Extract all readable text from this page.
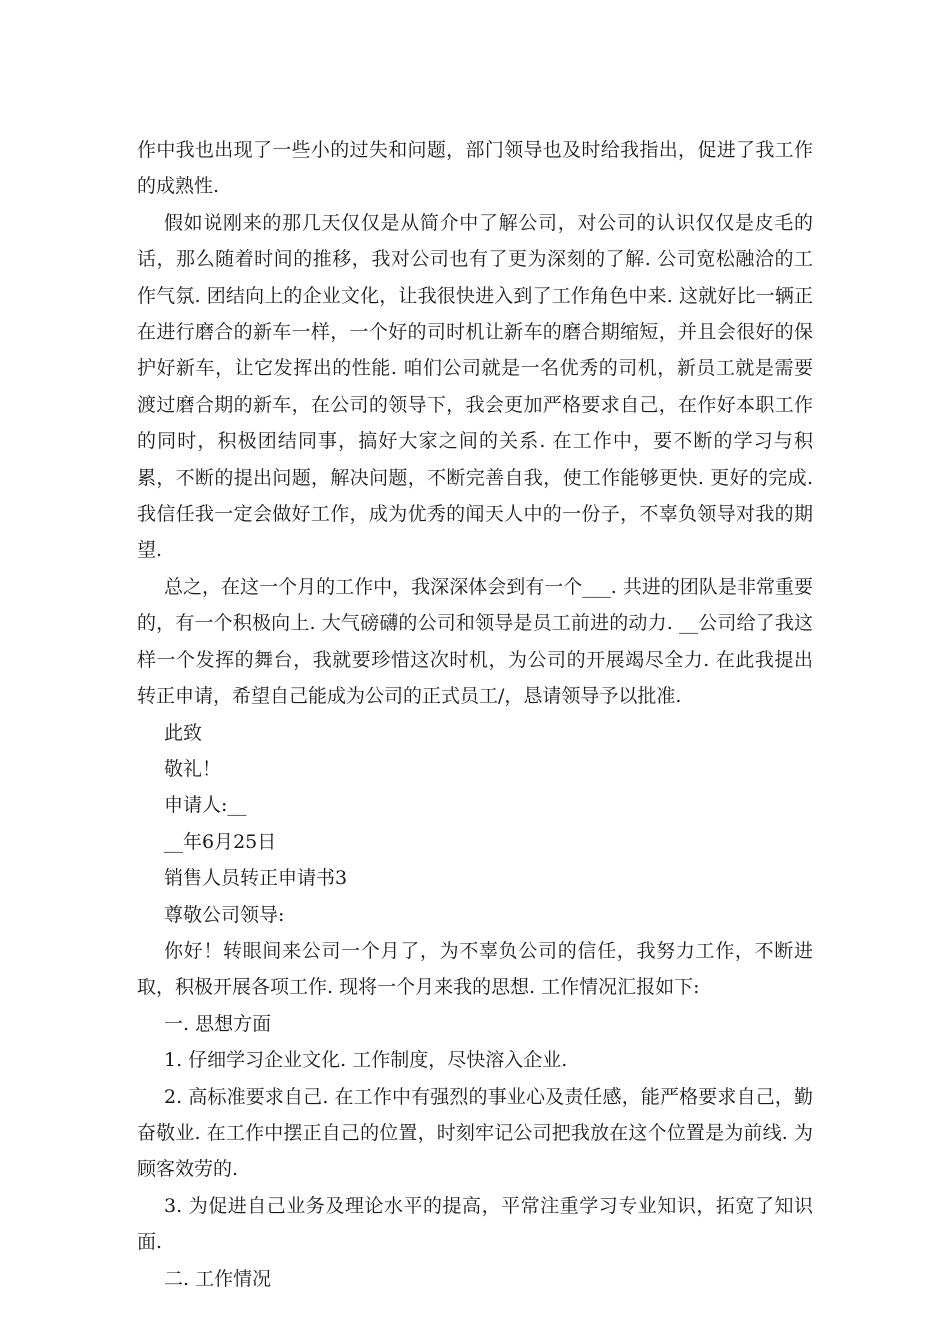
作中我也出现了一些小的过失和问题，部门领导也及时给我指出，促进了我工作的成熟性.

假如说刚来的那几天仅仅是从简介中了解公司，对公司的认识仅仅是皮毛的话，那么随着时间的推移，我对公司也有了更为深刻的了解. 公司宽松融洽的工作气氛. 团结向上的企业文化，让我很快进入到了工作角色中来. 这就好比一辆正在进行磨合的新车一样，一个好的司时机让新车的磨合期缩短，并且会很好的保护好新车，让它发挥出的性能. 咱们公司就是一名优秀的司机，新员工就是需要渡过磨合期的新车，在公司的领导下，我会更加严格要求自己，在作好本职工作的同时，积极团结同事，搞好大家之间的关系. 在工作中，要不断的学习与积累，不断的提出问题，解决问题，不断完善自我，使工作能够更快. 更好的完成. 我信任我一定会做好工作，成为优秀的闻天人中的一份子，不辜负领导对我的期望.

总之，在这一个月的工作中，我深深体会到有一个___. 共进的团队是非常重要的，有一个积极向上. 大气磅礴的公司和领导是员工前进的动力. __公司给了我这样一个发挥的舞台，我就要珍惜这次时机，为公司的开展竭尽全力. 在此我提出转正申请，希望自己能成为公司的正式员工/，恳请领导予以批准.

此致

敬礼！

申请人:__

__年6月25日

销售人员转正申请书3

尊敬公司领导:

你好！转眼间来公司一个月了，为不辜负公司的信任，我努力工作，不断进取，积极开展各项工作. 现将一个月来我的思想. 工作情况汇报如下:

一. 思想方面

1. 仔细学习企业文化. 工作制度，尽快溶入企业.

2. 高标准要求自己. 在工作中有强烈的事业心及责任感，能严格要求自己，勤奋敬业. 在工作中摆正自己的位置，时刻牢记公司把我放在这个位置是为前线. 为顾客效劳的.

3. 为促进自己业务及理论水平的提高，平常注重学习专业知识，拓宽了知识面.

二. 工作情况
